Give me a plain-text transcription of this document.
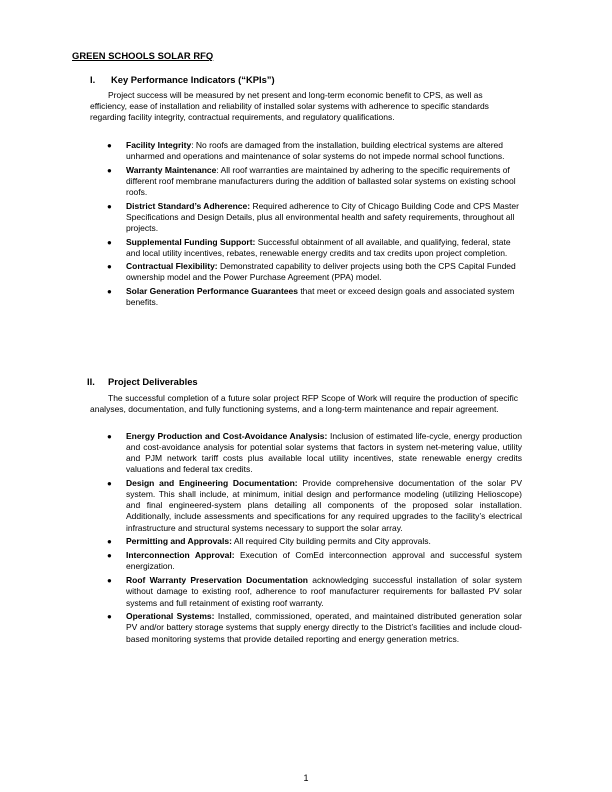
GREEN SCHOOLS SOLAR RFQ
I. Key Performance Indicators (“KPIs”)

Project success will be measured by net present and long-term economic benefit to CPS, as well as efficiency, ease of installation and reliability of installed solar systems with adherence to specific standards regarding facility integrity, contractual requirements, and regulatory qualifications.

● Facility Integrity: No roofs are damaged from the installation, building electrical systems are altered unharmed and operations and maintenance of solar systems do not impede normal school functions.
● Warranty Maintenance: All roof warranties are maintained by adhering to the specific requirements of different roof membrane manufacturers during the addition of ballasted solar systems on existing school roofs.
● District Standard’s Adherence: Required adherence to City of Chicago Building Code and CPS Master Specifications and Design Details, plus all environmental health and safety requirements, throughout all projects.
● Supplemental Funding Support: Successful obtainment of all available, and qualifying, federal, state and local utility incentives, rebates, renewable energy credits and tax credits upon project completion.
● Contractual Flexibility: Demonstrated capability to deliver projects using both the CPS Capital Funded ownership model and the Power Purchase Agreement (PPA) model.
● Solar Generation Performance Guarantees that meet or exceed design goals and associated system benefits.
II. Project Deliverables

The successful completion of a future solar project RFP Scope of Work will require the production of specific analyses, documentation, and fully functioning systems, and a long-term maintenance and repair agreement.

● Energy Production and Cost-Avoidance Analysis: Inclusion of estimated life-cycle, energy production and cost-avoidance analysis for potential solar systems that factors in system net-metering value, utility and PJM network tariff costs plus available local utility incentives, state renewable energy credits valuations and federal tax credits.
● Design and Engineering Documentation: Provide comprehensive documentation of the solar PV system. This shall include, at minimum, initial design and performance modeling (utilizing Helioscope) and final engineered-system plans detailing all components of the proposed solar installation. Additionally, include assessments and specifications for any required upgrades to the facility’s electrical infrastructure and structural systems necessary to support the solar array.
● Permitting and Approvals: All required City building permits and City approvals.
● Interconnection Approval: Execution of ComEd interconnection approval and successful system energization.
● Roof Warranty Preservation Documentation acknowledging successful installation of solar system without damage to existing roof, adherence to roof manufacturer requirements for ballasted PV solar systems and full retainment of existing roof warranty.
● Operational Systems: Installed, commissioned, operated, and maintained distributed generation solar PV and/or battery storage systems that supply energy directly to the District’s facilities and include cloud-based monitoring systems that provide detailed reporting and energy generation metrics.
1
